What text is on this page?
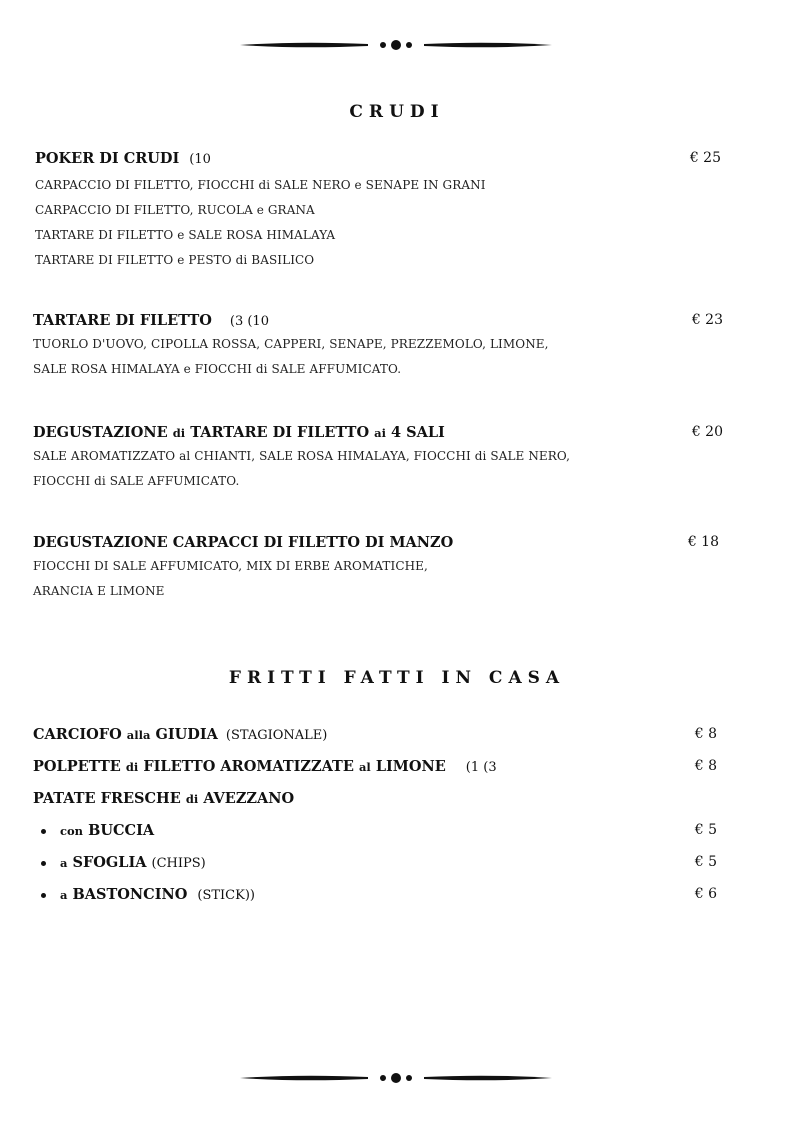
CRUDI
POKER DI CRUDI (10	€ 25
CARPACCIO DI FILETTO, FIOCCHI di SALE NERO e SENAPE IN GRANI
CARPACCIO DI FILETTO, RUCOLA e GRANA
TARTARE DI FILETTO e SALE ROSA HIMALAYA
TARTARE DI FILETTO e PESTO di BASILICO
TARTARE DI FILETTO (3 (10	€ 23
TUORLO D'UOVO, CIPOLLA ROSSA, CAPPERI, SENAPE, PREZZEMOLO, LIMONE,
SALE ROSA HIMALAYA e FIOCCHI di SALE AFFUMICATO.
DEGUSTAZIONE di TARTARE DI FILETTO ai 4 SALI	€ 20
SALE AROMATIZZATO al CHIANTI, SALE ROSA HIMALAYA, FIOCCHI di SALE NERO,
FIOCCHI di SALE AFFUMICATO.
DEGUSTAZIONE CARPACCI DI FILETTO DI MANZO	€ 18
FIOCCHI DI SALE AFFUMICATO, MIX DI ERBE AROMATICHE,
ARANCIA E LIMONE
FRITTI FATTI IN CASA
CARCIOFO alla GIUDIA (STAGIONALE)	€ 8
POLPETTE di FILETTO AROMATIZZATE al LIMONE (1 (3	€ 8
PATATE FRESCHE di AVEZZANO
con BUCCIA	€ 5
a SFOGLIA (CHIPS)	€ 5
a BASTONCINO (STICK))	€ 6
